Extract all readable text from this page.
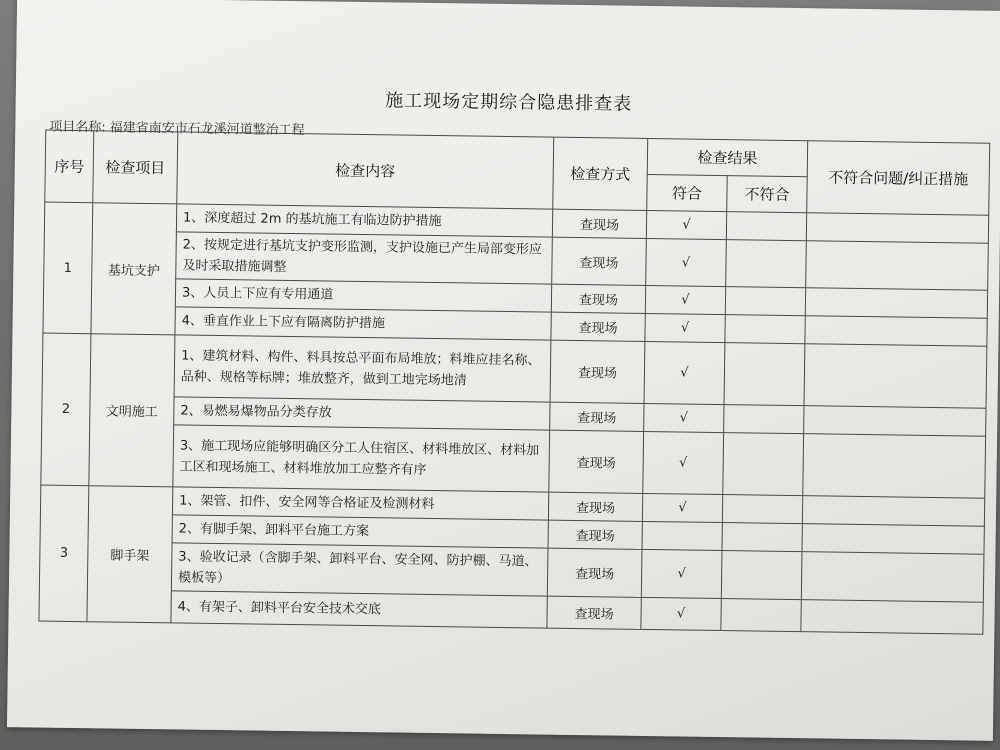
施工现场定期综合隐患排查表
项目名称: 福建省南安市石龙溪河道整治工程
序号	检查项目	检查内容	检查方式	检查结果		不符合问题/纠正措施
				符合	不符合	
1	基坑支护	1、深度超过 2m 的基坑施工有临边防护措施	查现场	√		
		2、按规定进行基坑支护变形监测，支护设施已产生局部变形应及时采取措施调整	查现场	√		
		3、人员上下应有专用通道	查现场	√		
		4、垂直作业上下应有隔离防护措施	查现场	√		
2	文明施工	1、建筑材料、构件、料具按总平面布局堆放；料堆应挂名称、品种、规格等标牌；堆放整齐，做到工地完场地清	查现场	√		
		2、易燃易爆物品分类存放	查现场	√		
		3、施工现场应能够明确区分工人住宿区、材料堆放区、材料加工区和现场施工、材料堆放加工应整齐有序	查现场	√		
3	脚手架	1、架管、扣件、安全网等合格证及检测材料	查现场	√		
		2、有脚手架、卸料平台施工方案	查现场			
		3、验收记录（含脚手架、卸料平台、安全网、防护棚、马道、模板等）	查现场	√		
		4、有架子、卸料平台安全技术交底	查现场	√		
